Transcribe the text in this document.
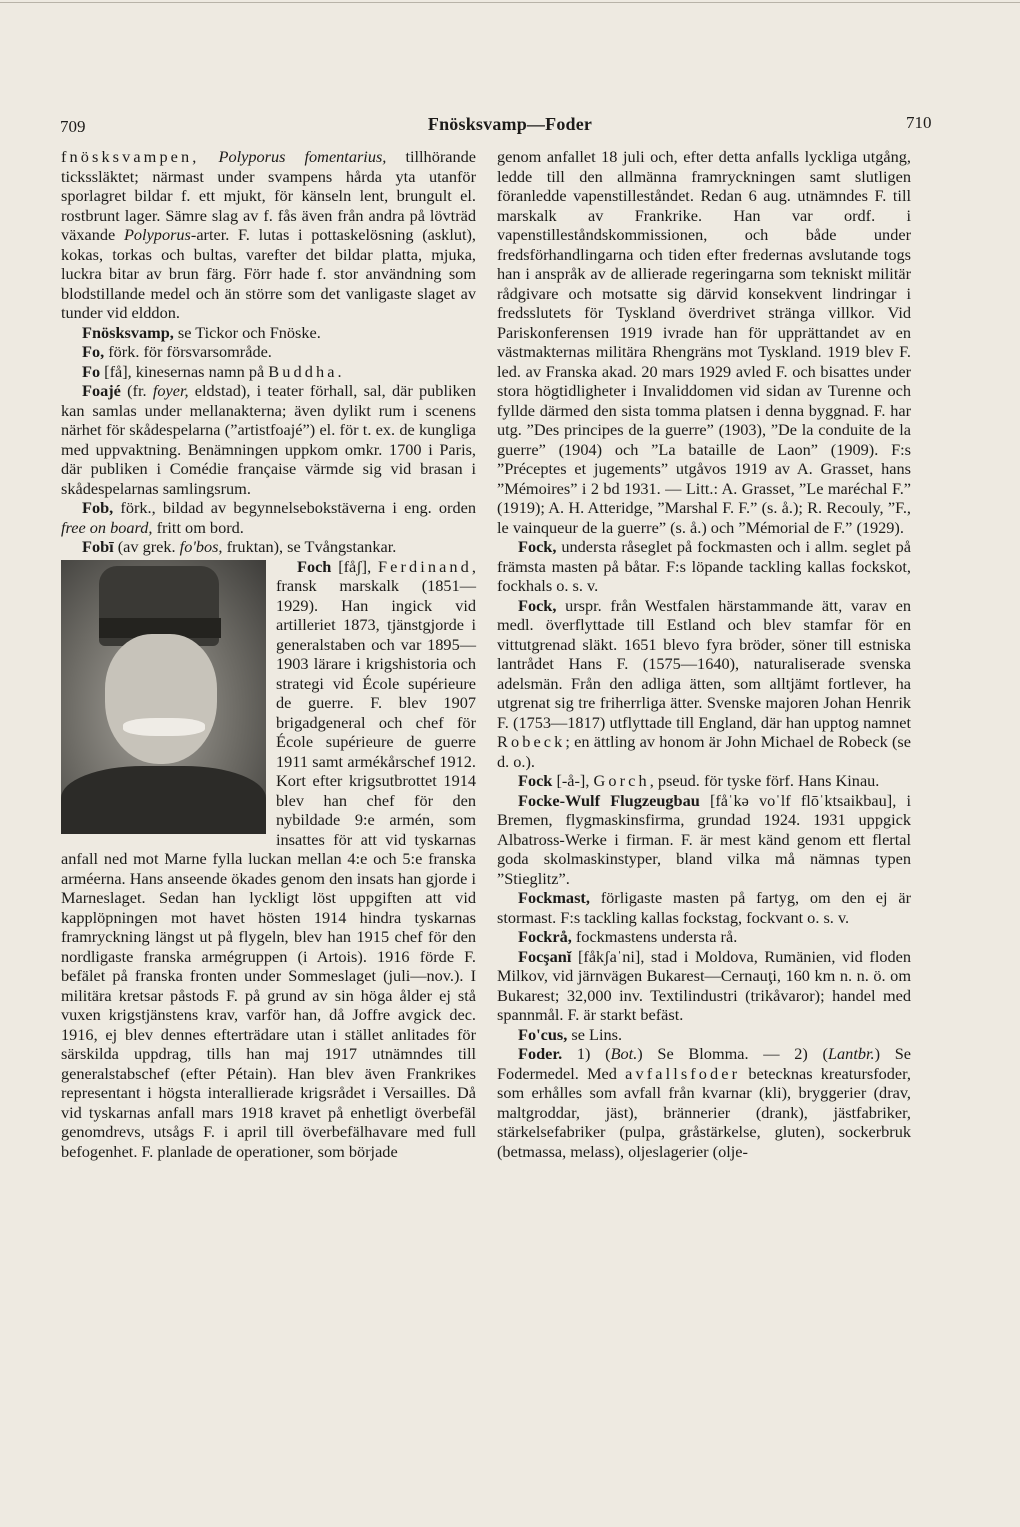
709	Fnösksvamp—Foder	710

fnösksvampen, Polyporus fomentarius, tillhörande tickssläktet; närmast under svampens hårda yta utanför sporlagret bildar f. ett mjukt, för känseln lent, brungult el. rostbrunt lager. Sämre slag av f. fås även från andra på lövträd växande Polyporus-arter. F. lutas i pottaskelösning (asklut), kokas, torkas och bultas, varefter det bildar platta, mjuka, luckra bitar av brun färg. Förr hade f. stor användning som blodstillande medel och än större som det vanligaste slaget av tunder vid elddon.

Fnösksvamp, se Tickor och Fnöske.

Fo, förk. för försvarsområde.

Fo [få], kinesernas namn på Buddha.

Foajé (fr. foyer, eldstad), i teater förhall, sal, där publiken kan samlas under mellanakterna; även dylikt rum i scenens närhet för skådespelarna (”artistfoajé”) el. för t. ex. de kungliga med uppvaktning. Benämningen uppkom omkr. 1700 i Paris, där publiken i Comédie française värmde sig vid brasan i skådespelarnas samlingsrum.

Fob, förk., bildad av begynnelsebokstäverna i eng. orden free on board, fritt om bord.

Fobī (av grek. fo'bos, fruktan), se Tvångstankar.

Foch [fåʃ], Ferdinand
, fransk marskalk (1851—1929). Han ingick vid artilleriet 1873, tjänstgjorde i generalstaben och var 1895—1903 lärare i krigshistoria och strategi vid École supérieure de guerre. F. blev 1907 brigadgeneral och chef för École supérieure de guerre 1911 samt armékårschef 1912. Kort efter krigsutbrottet 1914 blev han chef för den nybildade 9:e armén, som insattes för att vid tyskarnas anfall ned mot Marne fylla luckan mellan 4:e och 5:e franska arméerna. Hans anseende ökades genom den insats han gjorde i Marneslaget. Sedan han lyckligt löst uppgiften att vid kapplöpningen mot havet hösten 1914 hindra tyskarnas framryckning längst ut på flygeln, blev han 1915 chef för den nordligaste franska armégruppen (i Artois). 1916 förde F. befälet på franska fronten under Sommeslaget (juli—nov.). I militära kretsar påstods F. på grund av sin höga ålder ej stå vuxen krigstjänstens krav, varför han, då Joffre avgick dec. 1916, ej blev dennes efterträdare utan i stället anlitades för särskilda uppdrag, tills han maj 1917 utnämndes till generalstabschef (efter Pétain). Han blev även Frankrikes representant i högsta interallierade krigsrådet i Versailles. Då vid tyskarnas anfall mars 1918 kravet på enhetligt överbefäl genomdrevs, utsågs F. i april till överbefälhavare med full befogenhet. F. planlade de operationer, som började

genom anfallet 18 juli och, efter detta anfalls lyckliga utgång, ledde till den allmänna framryckningen samt slutligen föranledde vapenstilleståndet. Redan 6 aug. utnämndes F. till marskalk av Frankrike. Han var ordf. i vapenstilleståndskommissionen, och både under fredsförhandlingarna och tiden efter fredernas avslutande togs han i anspråk av de allierade regeringarna som tekniskt militär rådgivare och motsatte sig därvid konsekvent lindringar i fredsslutets för Tyskland överdrivet stränga villkor. Vid Pariskonferensen 1919 ivrade han för upprättandet av en västmakternas militära Rhengräns mot Tyskland. 1919 blev F. led. av Franska akad. 20 mars 1929 avled F. och bisattes under stora högtidligheter i Invaliddomen vid sidan av Turenne och fyllde därmed den sista tomma platsen i denna byggnad. F. har utg. ”Des principes de la guerre” (1903), ”De la conduite de la guerre” (1904) och ”La bataille de Laon” (1909). F:s ”Préceptes et jugements” utgåvos 1919 av A. Grasset, hans ”Mémoires” i 2 bd 1931. — Litt.: A. Grasset, ”Le maréchal F.” (1919); A. H. Atteridge, ”Marshal F. F.” (s. å.); R. Recouly, ”F., le vainqueur de la guerre” (s. å.) och ”Mémorial de F.” (1929).

Fock, understa råseglet på fockmasten och i allm. seglet på främsta masten på båtar. F:s löpande tackling kallas fockskot, fockhals o. s. v.

Fock, urspr. från Westfalen härstammande ätt, varav en medl. överflyttade till Estland och blev stamfar för en vittutgrenad släkt. 1651 blevo fyra bröder, söner till estniska lantrådet Hans F. (1575—1640), naturaliserade svenska adelsmän. Från den adliga ätten, som alltjämt fortlever, ha utgrenat sig tre friherrliga ätter. Svenske majoren Johan Henrik F. (1753—1817) utflyttade till England, där han upptog namnet Robeck; en ättling av honom är John Michael de Robeck (se d. o.).

Fock [-å-], Gorch, pseud. för tyske förf. Hans Kinau.

Focke-Wulf Flugzeugbau [fåˈkə voˈlf flōˈktsaikbau], i Bremen, flygmaskinsfirma, grundad 1924. 1931 uppgick Albatross-Werke i firman. F. är mest känd genom ett flertal goda skolmaskinstyper, bland vilka må nämnas typen ”Stieglitz”.

Fockmast, förligaste masten på fartyg, om den ej är stormast. F:s tackling kallas fockstag, fockvant o. s. v.

Fockrå, fockmastens understa rå.

Focşanĭ [fåkʃaˈni], stad i Moldova, Rumänien, vid floden Milkov, vid järnvägen Bukarest—Cernauţi, 160 km n. n. ö. om Bukarest; 32,000 inv. Textilindustri (trikåvaror); handel med spannmål. F. är starkt befäst.

Fo'cus, se Lins.

Foder. 1) (Bot.) Se Blomma. — 2) (Lantbr.) Se Fodermedel. Med avfallsfoder betecknas kreatursfoder, som erhålles som avfall från kvarnar (kli), bryggerier (drav, maltgroddar, jäst), brännerier (drank), jästfabriker, stärkelsefabriker (pulpa, gråstärkelse, gluten), sockerbruk (betmassa, melass), oljeslagerier (olje-
